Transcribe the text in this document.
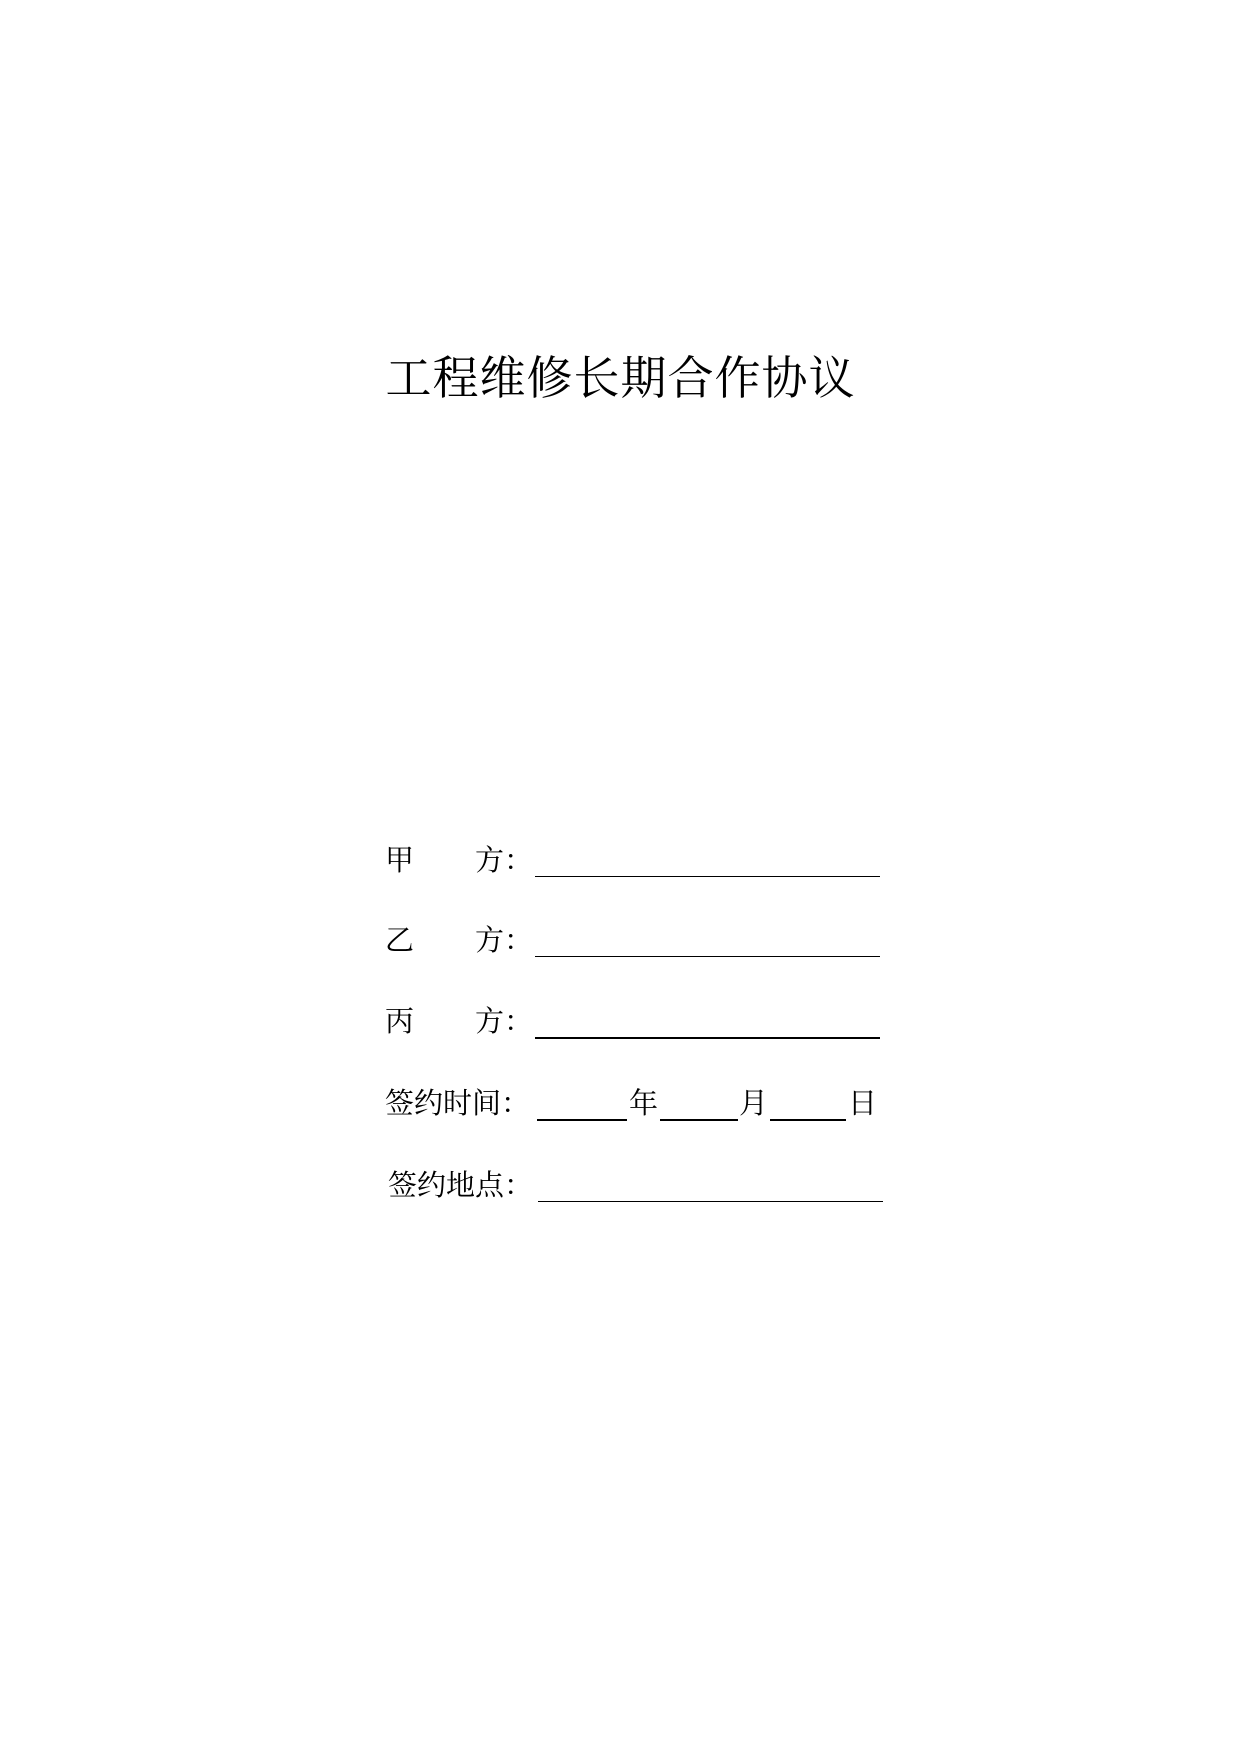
工程维修长期合作协议
甲 方：
乙 方：
丙 方：
签约时间：	年	月	日
签约地点：
